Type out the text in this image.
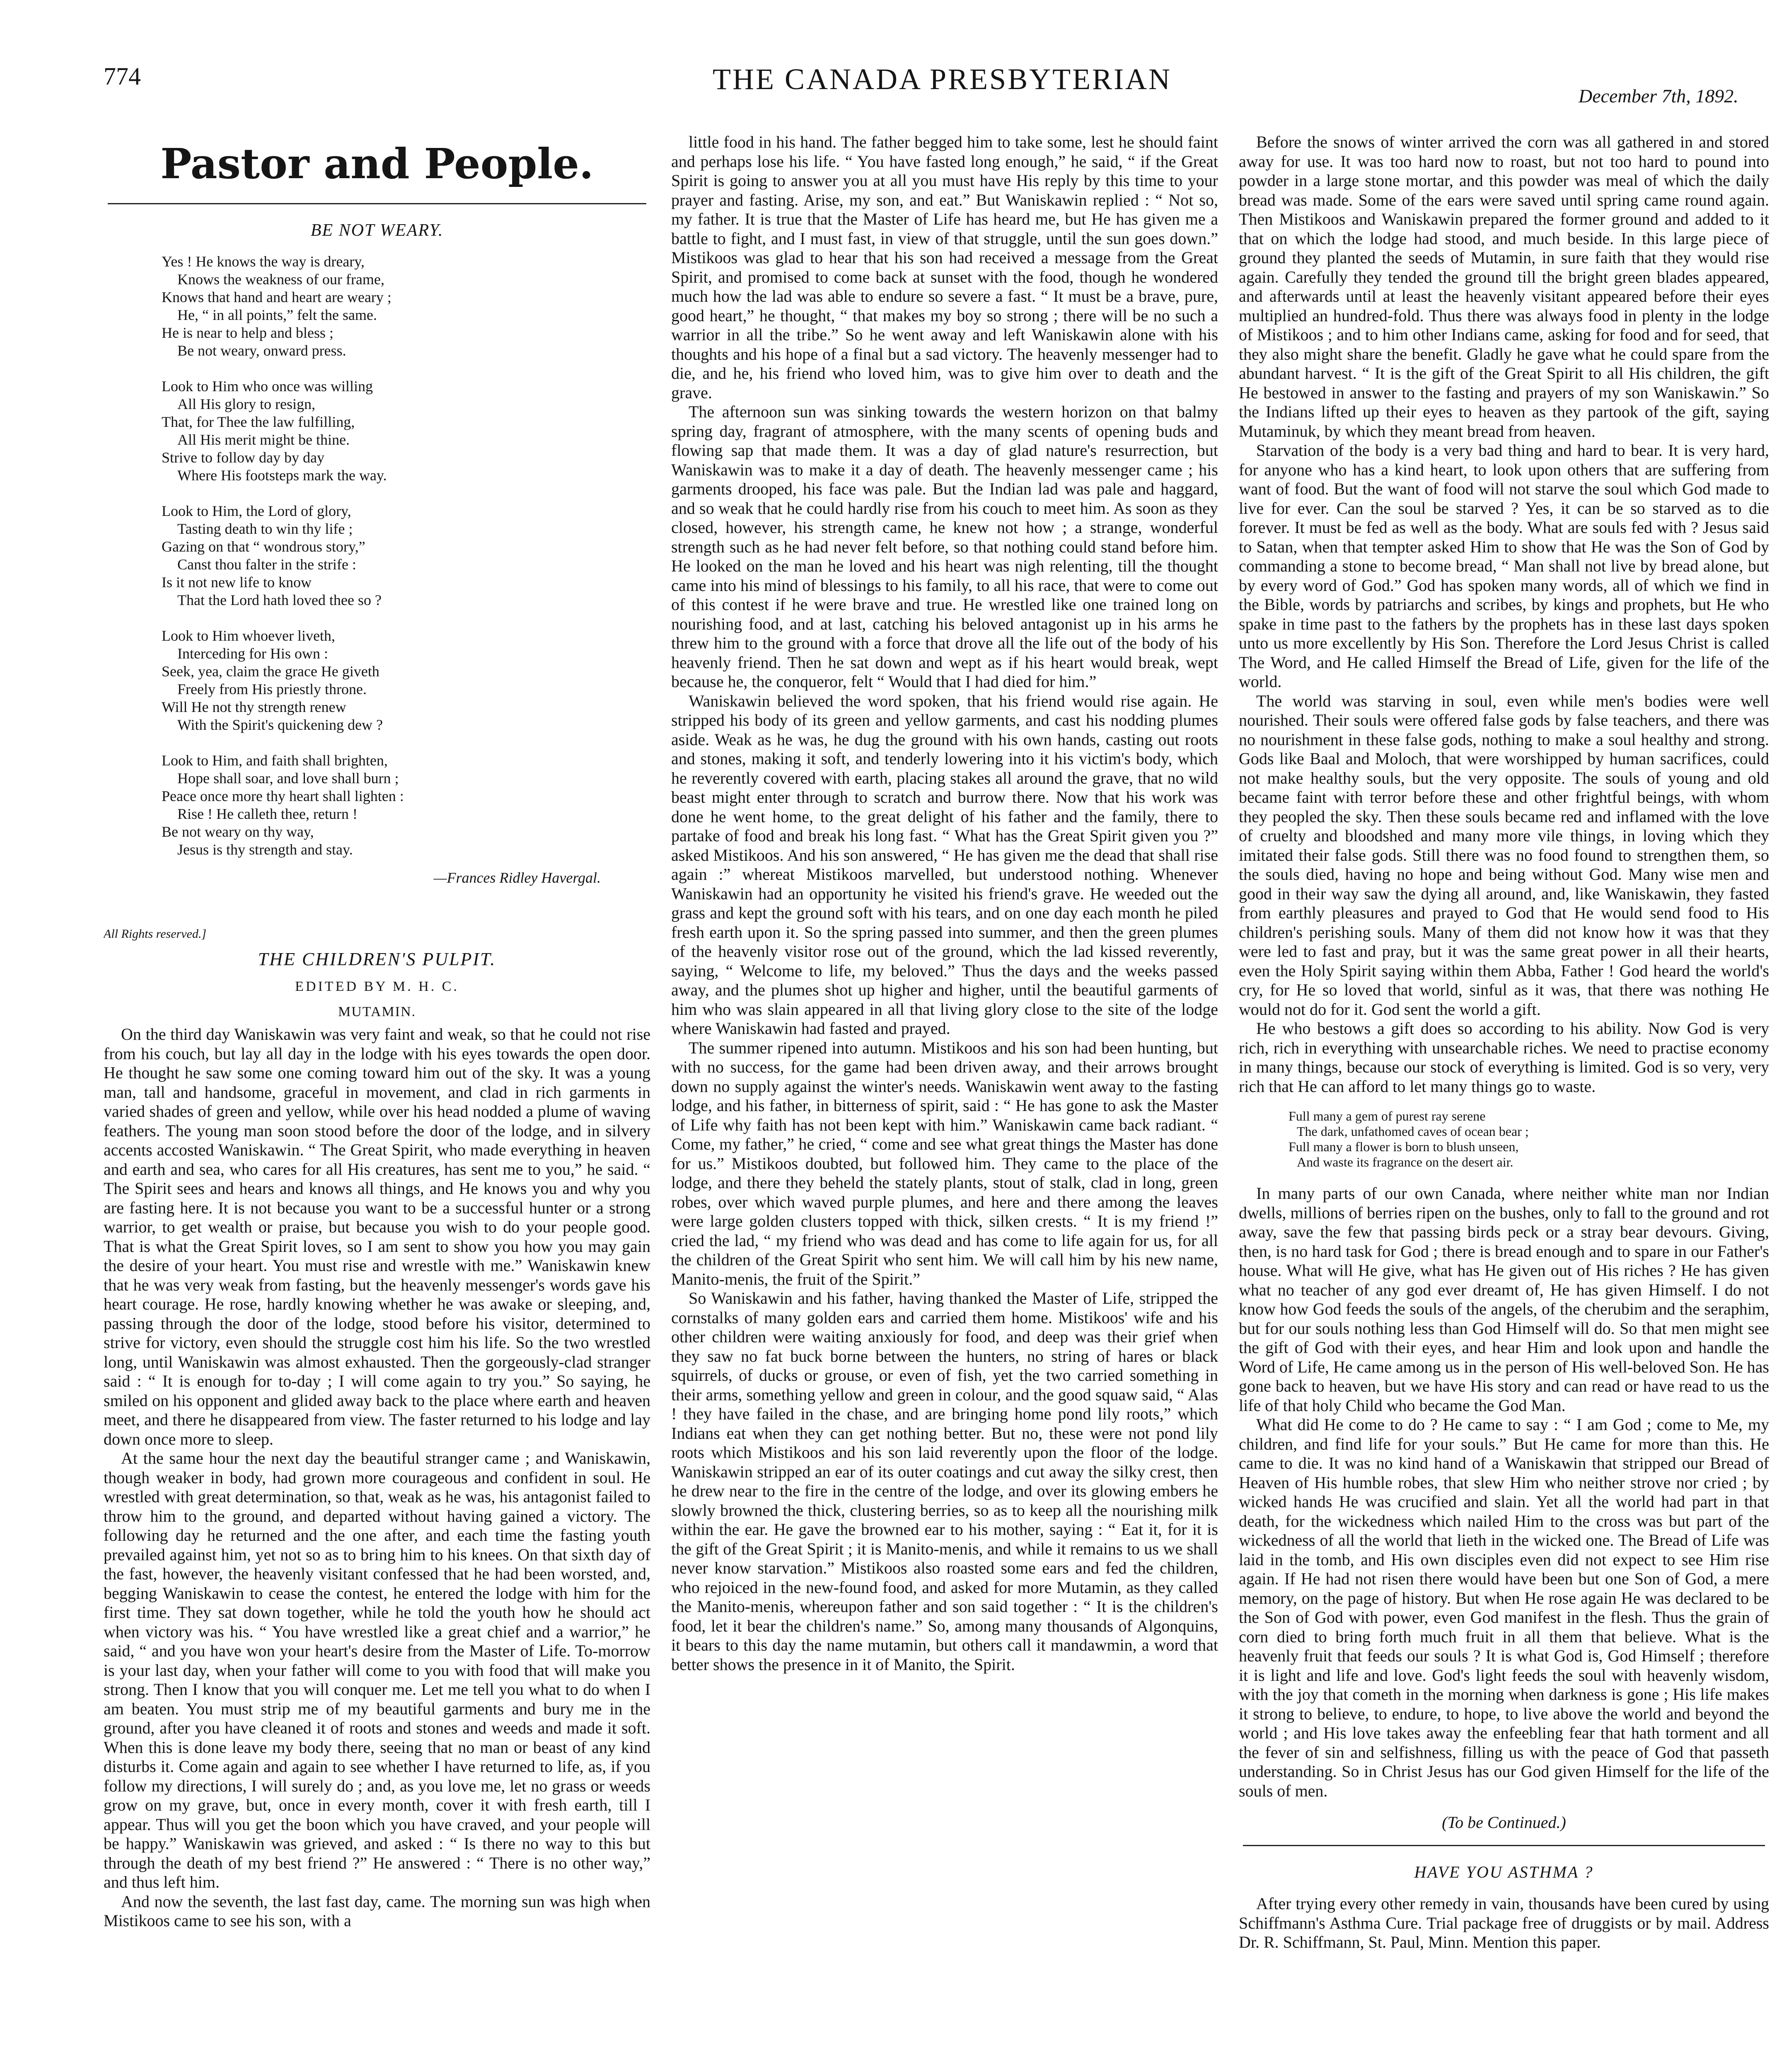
774	THE CANADA PRESBYTERIAN
December 7th, 1892.
Pastor and People.
BE NOT WEARY.
Yes ! He knows the way is dreary,
Knows the weakness of our frame,
Knows that hand and heart are weary ;
He, “ in all points,” felt the same.
He is near to help and bless ;
Be not weary, onward press.
Look to Him who once was willing
All His glory to resign,
That, for Thee the law fulfilling,
All His merit might be thine.
Strive to follow day by day
Where His footsteps mark the way.
Look to Him, the Lord of glory,
Tasting death to win thy life ;
Gazing on that “ wondrous story,”
Canst thou falter in the strife :
Is it not new life to know
That the Lord hath loved thee so ?
Look to Him whoever liveth,
Interceding for His own :
Seek, yea, claim the grace He giveth
Freely from His priestly throne.
Will He not thy strength renew
With the Spirit's quickening dew ?
Look to Him, and faith shall brighten,
Hope shall soar, and love shall burn ;
Peace once more thy heart shall lighten :
Rise ! He calleth thee, return !
Be not weary on thy way,
Jesus is thy strength and stay.
—Frances Ridley Havergal.
All Rights reserved.]
THE CHILDREN'S PULPIT.
EDITED BY M. H. C.
MUTAMIN.

On the third day Waniskawin was very faint and weak, so that he could not rise from his couch, but lay all day in the lodge with his eyes towards the open door. He thought he saw some one coming toward him out of the sky. It was a young man, tall and handsome, graceful in movement, and clad in rich garments in varied shades of green and yellow, while over his head nodded a plume of waving feathers. The young man soon stood before the door of the lodge, and in silvery accents accosted Waniskawin. “ The Great Spirit, who made everything in heaven and earth and sea, who cares for all His creatures, has sent me to you,” he said. “ The Spirit sees and hears and knows all things, and He knows you and why you are fasting here. It is not because you want to be a successful hunter or a strong warrior, to get wealth or praise, but because you wish to do your people good. That is what the Great Spirit loves, so I am sent to show you how you may gain the desire of your heart. You must rise and wrestle with me.” Waniskawin knew that he was very weak from fasting, but the heavenly messenger's words gave his heart courage. He rose, hardly knowing whether he was awake or sleeping, and, passing through the door of the lodge, stood before his visitor, determined to strive for victory, even should the struggle cost him his life. So the two wrestled long, until Waniskawin was almost exhausted. Then the gorgeously-clad stranger said : “ It is enough for to-day ; I will come again to try you.” So saying, he smiled on his opponent and glided away back to the place where earth and heaven meet, and there he disappeared from view. The faster returned to his lodge and lay down once more to sleep.

At the same hour the next day the beautiful stranger came ; and Waniskawin, though weaker in body, had grown more courageous and confident in soul. He wrestled with great determination, so that, weak as he was, his antagonist failed to throw him to the ground, and departed without having gained a victory. The following day he returned and the one after, and each time the fasting youth prevailed against him, yet not so as to bring him to his knees. On that sixth day of the fast, however, the heavenly visitant confessed that he had been worsted, and, begging Waniskawin to cease the contest, he entered the lodge with him for the first time. They sat down together, while he told the youth how he should act when victory was his. “ You have wrestled like a great chief and a warrior,” he said, “ and you have won your heart's desire from the Master of Life. To-morrow is your last day, when your father will come to you with food that will make you strong. Then I know that you will conquer me. Let me tell you what to do when I am beaten. You must strip me of my beautiful garments and bury me in the ground, after you have cleaned it of roots and stones and weeds and made it soft. When this is done leave my body there, seeing that no man or beast of any kind disturbs it. Come again and again to see whether I have returned to life, as, if you follow my directions, I will surely do ; and, as you love me, let no grass or weeds grow on my grave, but, once in every month, cover it with fresh earth, till I appear. Thus will you get the boon which you have craved, and your people will be happy.” Waniskawin was grieved, and asked : “ Is there no way to this but through the death of my best friend ?” He answered : “ There is no other way,” and thus left him.

And now the seventh, the last fast day, came. The morning sun was high when Mistikoos came to see his son, with a

little food in his hand. The father begged him to take some, lest he should faint and perhaps lose his life. “ You have fasted long enough,” he said, “ if the Great Spirit is going to answer you at all you must have His reply by this time to your prayer and fasting. Arise, my son, and eat.” But Waniskawin replied : “ Not so, my father. It is true that the Master of Life has heard me, but He has given me a battle to fight, and I must fast, in view of that struggle, until the sun goes down.” Mistikoos was glad to hear that his son had received a message from the Great Spirit, and promised to come back at sunset with the food, though he wondered much how the lad was able to endure so severe a fast. “ It must be a brave, pure, good heart,” he thought, “ that makes my boy so strong ; there will be no such a warrior in all the tribe.” So he went away and left Waniskawin alone with his thoughts and his hope of a final but a sad victory. The heavenly messenger had to die, and he, his friend who loved him, was to give him over to death and the grave.

The afternoon sun was sinking towards the western horizon on that balmy spring day, fragrant of atmosphere, with the many scents of opening buds and flowing sap that made them. It was a day of glad nature's resurrection, but Waniskawin was to make it a day of death. The heavenly messenger came ; his garments drooped, his face was pale. But the Indian lad was pale and haggard, and so weak that he could hardly rise from his couch to meet him. As soon as they closed, however, his strength came, he knew not how ; a strange, wonderful strength such as he had never felt before, so that nothing could stand before him. He looked on the man he loved and his heart was nigh relenting, till the thought came into his mind of blessings to his family, to all his race, that were to come out of this contest if he were brave and true. He wrestled like one trained long on nourishing food, and at last, catching his beloved antagonist up in his arms he threw him to the ground with a force that drove all the life out of the body of his heavenly friend. Then he sat down and wept as if his heart would break, wept because he, the conqueror, felt “ Would that I had died for him.”

Waniskawin believed the word spoken, that his friend would rise again. He stripped his body of its green and yellow garments, and cast his nodding plumes aside. Weak as he was, he dug the ground with his own hands, casting out roots and stones, making it soft, and tenderly lowering into it his victim's body, which he reverently covered with earth, placing stakes all around the grave, that no wild beast might enter through to scratch and burrow there. Now that his work was done he went home, to the great delight of his father and the family, there to partake of food and break his long fast. “ What has the Great Spirit given you ?” asked Mistikoos. And his son answered, “ He has given me the dead that shall rise again :” whereat Mistikoos marvelled, but understood nothing. Whenever Waniskawin had an opportunity he visited his friend's grave. He weeded out the grass and kept the ground soft with his tears, and on one day each month he piled fresh earth upon it. So the spring passed into summer, and then the green plumes of the heavenly visitor rose out of the ground, which the lad kissed reverently, saying, “ Welcome to life, my beloved.” Thus the days and the weeks passed away, and the plumes shot up higher and higher, until the beautiful garments of him who was slain appeared in all that living glory close to the site of the lodge where Waniskawin had fasted and prayed.

The summer ripened into autumn. Mistikoos and his son had been hunting, but with no success, for the game had been driven away, and their arrows brought down no supply against the winter's needs. Waniskawin went away to the fasting lodge, and his father, in bitterness of spirit, said : “ He has gone to ask the Master of Life why faith has not been kept with him.” Waniskawin came back radiant. “ Come, my father,” he cried, “ come and see what great things the Master has done for us.” Mistikoos doubted, but followed him. They came to the place of the lodge, and there they beheld the stately plants, stout of stalk, clad in long, green robes, over which waved purple plumes, and here and there among the leaves were large golden clusters topped with thick, silken crests. “ It is my friend !” cried the lad, “ my friend who was dead and has come to life again for us, for all the children of the Great Spirit who sent him. We will call him by his new name, Manito-menis, the fruit of the Spirit.”

So Waniskawin and his father, having thanked the Master of Life, stripped the cornstalks of many golden ears and carried them home. Mistikoos' wife and his other children were waiting anxiously for food, and deep was their grief when they saw no fat buck borne between the hunters, no string of hares or black squirrels, of ducks or grouse, or even of fish, yet the two carried something in their arms, something yellow and green in colour, and the good squaw said, “ Alas ! they have failed in the chase, and are bringing home pond lily roots,” which Indians eat when they can get nothing better. But no, these were not pond lily roots which Mistikoos and his son laid reverently upon the floor of the lodge. Waniskawin stripped an ear of its outer coatings and cut away the silky crest, then he drew near to the fire in the centre of the lodge, and over its glowing embers he slowly browned the thick, clustering berries, so as to keep all the nourishing milk within the ear. He gave the browned ear to his mother, saying : “ Eat it, for it is the gift of the Great Spirit ; it is Manito-menis, and while it remains to us we shall never know starvation.” Mistikoos also roasted some ears and fed the children, who rejoiced in the new-found food, and asked for more Mutamin, as they called the Manito-menis, whereupon father and son said together : “ It is the children's food, let it bear the children's name.” So, among many thousands of Algonquins, it bears to this day the name mutamin, but others call it mandawmin, a word that better shows the presence in it of Manito, the Spirit.

Before the snows of winter arrived the corn was all gathered in and stored away for use. It was too hard now to roast, but not too hard to pound into powder in a large stone mortar, and this powder was meal of which the daily bread was made. Some of the ears were saved until spring came round again. Then Mistikoos and Waniskawin prepared the former ground and added to it that on which the lodge had stood, and much beside. In this large piece of ground they planted the seeds of Mutamin, in sure faith that they would rise again. Carefully they tended the ground till the bright green blades appeared, and afterwards until at least the heavenly visitant appeared before their eyes multiplied an hundred-fold. Thus there was always food in plenty in the lodge of Mistikoos ; and to him other Indians came, asking for food and for seed, that they also might share the benefit. Gladly he gave what he could spare from the abundant harvest. “ It is the gift of the Great Spirit to all His children, the gift He bestowed in answer to the fasting and prayers of my son Waniskawin.” So the Indians lifted up their eyes to heaven as they partook of the gift, saying Mutaminuk, by which they meant bread from heaven.

Starvation of the body is a very bad thing and hard to bear. It is very hard, for anyone who has a kind heart, to look upon others that are suffering from want of food. But the want of food will not starve the soul which God made to live for ever. Can the soul be starved ? Yes, it can be so starved as to die forever. It must be fed as well as the body. What are souls fed with ? Jesus said to Satan, when that tempter asked Him to show that He was the Son of God by commanding a stone to become bread, “ Man shall not live by bread alone, but by every word of God.” God has spoken many words, all of which we find in the Bible, words by patriarchs and scribes, by kings and prophets, but He who spake in time past to the fathers by the prophets has in these last days spoken unto us more excellently by His Son. Therefore the Lord Jesus Christ is called The Word, and He called Himself the Bread of Life, given for the life of the world.

The world was starving in soul, even while men's bodies were well nourished. Their souls were offered false gods by false teachers, and there was no nourishment in these false gods, nothing to make a soul healthy and strong. Gods like Baal and Moloch, that were worshipped by human sacrifices, could not make healthy souls, but the very opposite. The souls of young and old became faint with terror before these and other frightful beings, with whom they peopled the sky. Then these souls became red and inflamed with the love of cruelty and bloodshed and many more vile things, in loving which they imitated their false gods. Still there was no food found to strengthen them, so the souls died, having no hope and being without God. Many wise men and good in their way saw the dying all around, and, like Waniskawin, they fasted from earthly pleasures and prayed to God that He would send food to His children's perishing souls. Many of them did not know how it was that they were led to fast and pray, but it was the same great power in all their hearts, even the Holy Spirit saying within them Abba, Father ! God heard the world's cry, for He so loved that world, sinful as it was, that there was nothing He would not do for it. God sent the world a gift.

He who bestows a gift does so according to his ability. Now God is very rich, rich in everything with unsearchable riches. We need to practise economy in many things, because our stock of everything is limited. God is so very, very rich that He can afford to let many things go to waste.

Full many a gem of purest ray serene
The dark, unfathomed caves of ocean bear ;
Full many a flower is born to blush unseen,
And waste its fragrance on the desert air.

In many parts of our own Canada, where neither white man nor Indian dwells, millions of berries ripen on the bushes, only to fall to the ground and rot away, save the few that passing birds peck or a stray bear devours. Giving, then, is no hard task for God ; there is bread enough and to spare in our Father's house. What will He give, what has He given out of His riches ? He has given what no teacher of any god ever dreamt of, He has given Himself. I do not know how God feeds the souls of the angels, of the cherubim and the seraphim, but for our souls nothing less than God Himself will do. So that men might see the gift of God with their eyes, and hear Him and look upon and handle the Word of Life, He came among us in the person of His well-beloved Son. He has gone back to heaven, but we have His story and can read or have read to us the life of that holy Child who became the God Man.

What did He come to do ? He came to say : “ I am God ; come to Me, my children, and find life for your souls.” But He came for more than this. He came to die. It was no kind hand of a Waniskawin that stripped our Bread of Heaven of His humble robes, that slew Him who neither strove nor cried ; by wicked hands He was crucified and slain. Yet all the world had part in that death, for the wickedness which nailed Him to the cross was but part of the wickedness of all the world that lieth in the wicked one. The Bread of Life was laid in the tomb, and His own disciples even did not expect to see Him rise again. If He had not risen there would have been but one Son of God, a mere memory, on the page of history. But when He rose again He was declared to be the Son of God with power, even God manifest in the flesh. Thus the grain of corn died to bring forth much fruit in all them that believe. What is the heavenly fruit that feeds our souls ? It is what God is, God Himself ; therefore it is light and life and love. God's light feeds the soul with heavenly wisdom, with the joy that cometh in the morning when darkness is gone ; His life makes it strong to believe, to endure, to hope, to live above the world and beyond the world ; and His love takes away the enfeebling fear that hath torment and all the fever of sin and selfishness, filling us with the peace of God that passeth understanding. So in Christ Jesus has our God given Himself for the life of the souls of men.

(To be Continued.)
HAVE YOU ASTHMA ?

After trying every other remedy in vain, thousands have been cured by using Schiffmann's Asthma Cure. Trial package free of druggists or by mail. Address Dr. R. Schiffmann, St. Paul, Minn. Mention this paper.
